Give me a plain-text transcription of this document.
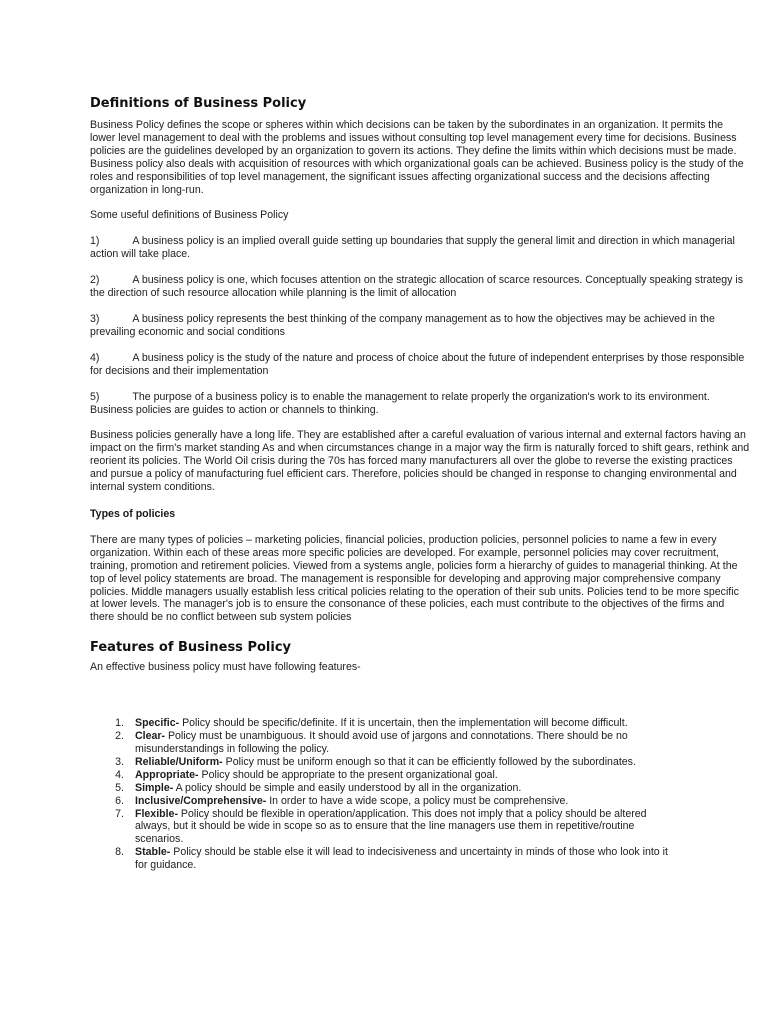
Definitions of Business Policy

Business Policy defines the scope or spheres within which decisions can be taken by the subordinates in an organization. It permits the lower level management to deal with the problems and issues without consulting top level management every time for decisions. Business policies are the guidelines developed by an organization to govern its actions. They define the limits within which decisions must be made. Business policy also deals with acquisition of resources with which organizational goals can be achieved. Business policy is the study of the roles and responsibilities of top level management, the significant issues affecting organizational success and the decisions affecting organization in long-run.

Some useful definitions of Business Policy

1)	A business policy is an implied overall guide setting up boundaries that supply the general limit and direction in which managerial action will take place.

2)	A business policy is one, which focuses attention on the strategic allocation of scarce resources. Conceptually speaking strategy is the direction of such resource allocation while planning is the limit of allocation

3)	A business policy represents the best thinking of the company management as to how the objectives may be achieved in the prevailing economic and social conditions

4)	A business policy is the study of the nature and process of choice about the future of independent enterprises by those responsible for decisions and their implementation

5)	The purpose of a business policy is to enable the management to relate properly the organization's work to its environment. Business policies are guides to action or channels to thinking.

Business policies generally have a long life. They are established after a careful evaluation of various internal and external factors having an impact on the firm's market standing As and when circumstances change in a major way the firm is naturally forced to shift gears, rethink and reorient its policies. The World Oil crisis during the 70s has forced many manufacturers all over the globe to reverse the existing practices and pursue a policy of manufacturing fuel efficient cars. Therefore, policies should be changed in response to changing environmental and internal system conditions.

Types of policies

There are many types of policies – marketing policies, financial policies, production policies, personnel policies to name a few in every organization. Within each of these areas more specific policies are developed. For example, personnel policies may cover recruitment, training, promotion and retirement policies. Viewed from a systems angle, policies form a hierarchy of guides to managerial thinking. At the top of level policy statements are broad. The management is responsible for developing and approving major comprehensive company policies. Middle managers usually establish less critical policies relating to the operation of their sub units. Policies tend to be more specific at lower levels. The manager's job is to ensure the consonance of these policies, each must contribute to the objectives of the firms and there should be no conflict between sub system policies

Features of Business Policy

An effective business policy must have following features-

1.	Specific- Policy should be specific/definite. If it is uncertain, then the implementation will become difficult.
2.	Clear- Policy must be unambiguous. It should avoid use of jargons and connotations. There should be no misunderstandings in following the policy.
3.	Reliable/Uniform- Policy must be uniform enough so that it can be efficiently followed by the subordinates.
4.	Appropriate- Policy should be appropriate to the present organizational goal.
5.	Simple- A policy should be simple and easily understood by all in the organization.
6.	Inclusive/Comprehensive- In order to have a wide scope, a policy must be comprehensive.
7.	Flexible- Policy should be flexible in operation/application. This does not imply that a policy should be altered always, but it should be wide in scope so as to ensure that the line managers use them in repetitive/routine scenarios.
8.	Stable- Policy should be stable else it will lead to indecisiveness and uncertainty in minds of those who look into it for guidance.
